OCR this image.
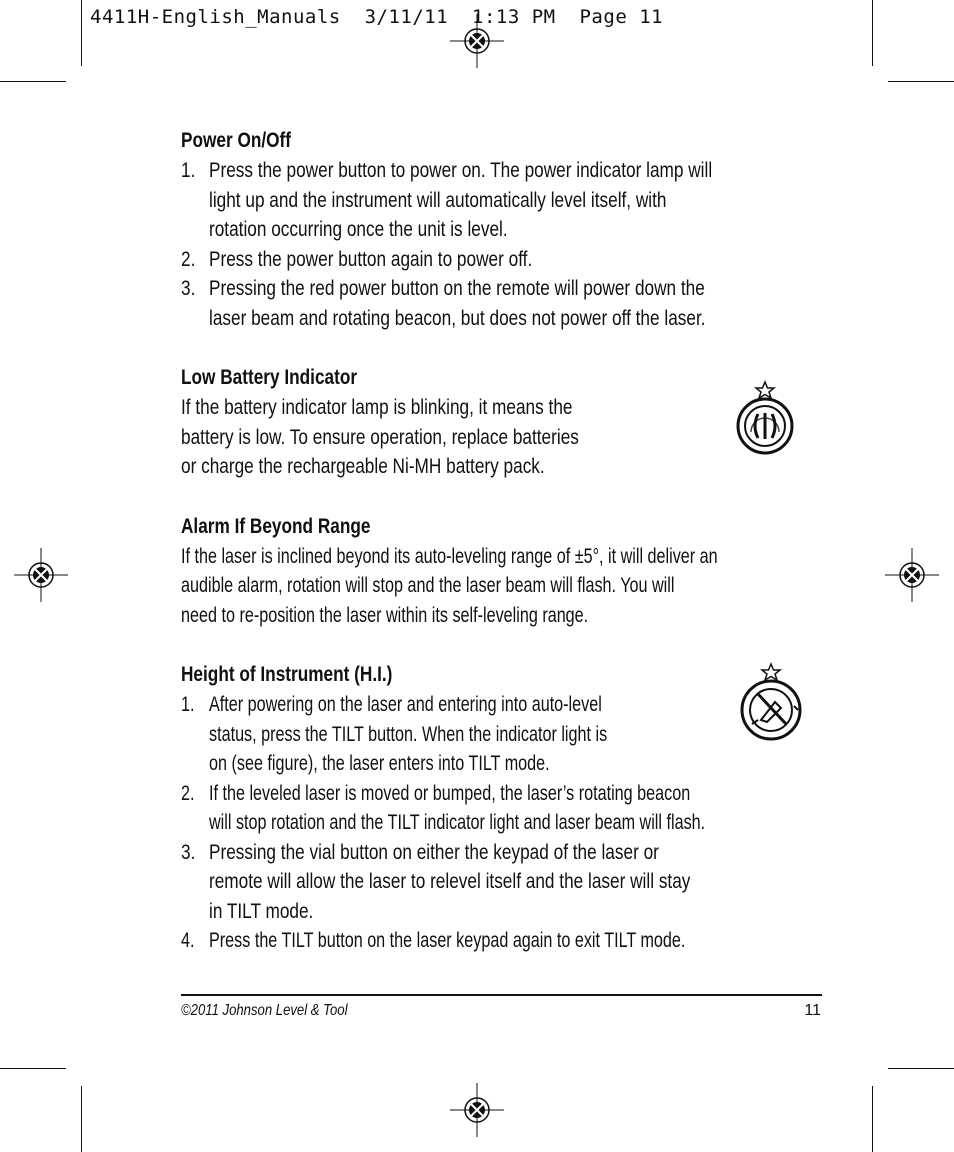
4411H-English_Manuals  3/11/11  1:13 PM  Page 11
Power On/Off
1. Press the power button to power on. The power indicator lamp will
light up and the instrument will automatically level itself, with
rotation occurring once the unit is level.
2. Press the power button again to power off.
3. Pressing the red power button on the remote will power down the
laser beam and rotating beacon, but does not power off the laser.
Low Battery Indicator
If the battery indicator lamp is blinking, it means the
battery is low. To ensure operation, replace batteries
or charge the rechargeable Ni-MH battery pack.
Alarm If Beyond Range
If the laser is inclined beyond its auto-leveling range of ±5°, it will deliver an
audible alarm, rotation will stop and the laser beam will flash. You will
need to re-position the laser within its self-leveling range.
Height of Instrument (H.I.)
1. After powering on the laser and entering into auto-level
status, press the TILT button. When the indicator light is
on (see figure), the laser enters into TILT mode.
2. If the leveled laser is moved or bumped, the laser’s rotating beacon
will stop rotation and the TILT indicator light and laser beam will flash.
3. Pressing the vial button on either the keypad of the laser or
remote will allow the laser to relevel itself and the laser will stay
in TILT mode.
4. Press the TILT button on the laser keypad again to exit TILT mode.
©2011 Johnson Level & Tool	11
